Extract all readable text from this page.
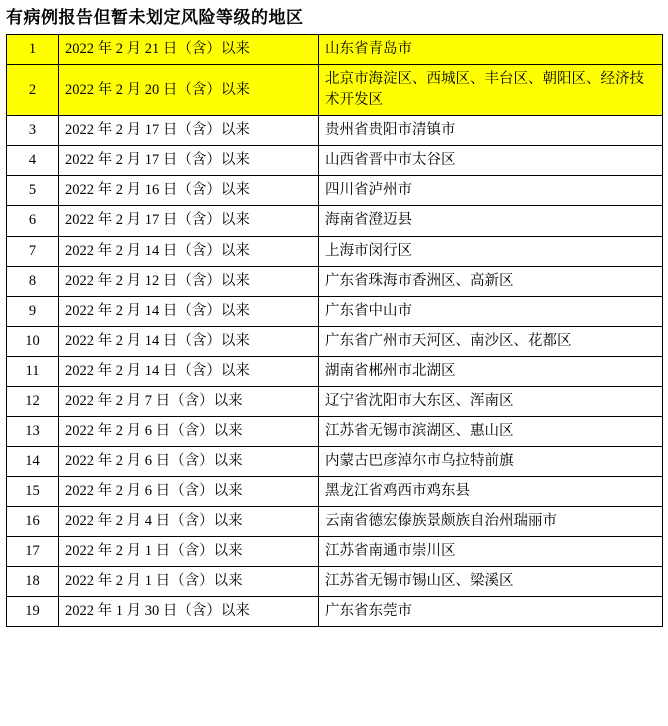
有病例报告但暂未划定风险等级的地区
1	2022 年 2 月 21 日（含）以来	山东省青岛市
2	2022 年 2 月 20 日（含）以来	北京市海淀区、西城区、丰台区、朝阳区、经济技术开发区
3	2022 年 2 月 17 日（含）以来	贵州省贵阳市清镇市
4	2022 年 2 月 17 日（含）以来	山西省晋中市太谷区
5	2022 年 2 月 16 日（含）以来	四川省泸州市
6	2022 年 2 月 17 日（含）以来	海南省澄迈县
7	2022 年 2 月 14 日（含）以来	上海市闵行区
8	2022 年 2 月 12 日（含）以来	广东省珠海市香洲区、高新区
9	2022 年 2 月 14 日（含）以来	广东省中山市
10	2022 年 2 月 14 日（含）以来	广东省广州市天河区、南沙区、花都区
11	2022 年 2 月 14 日（含）以来	湖南省郴州市北湖区
12	2022 年 2 月 7 日（含）以来	辽宁省沈阳市大东区、浑南区
13	2022 年 2 月 6 日（含）以来	江苏省无锡市滨湖区、惠山区
14	2022 年 2 月 6 日（含）以来	内蒙古巴彦淖尔市乌拉特前旗
15	2022 年 2 月 6 日（含）以来	黑龙江省鸡西市鸡东县
16	2022 年 2 月 4 日（含）以来	云南省德宏傣族景颇族自治州瑞丽市
17	2022 年 2 月 1 日（含）以来	江苏省南通市崇川区
18	2022 年 2 月 1 日（含）以来	江苏省无锡市锡山区、梁溪区
19	2022 年 1 月 30 日（含）以来	广东省东莞市
